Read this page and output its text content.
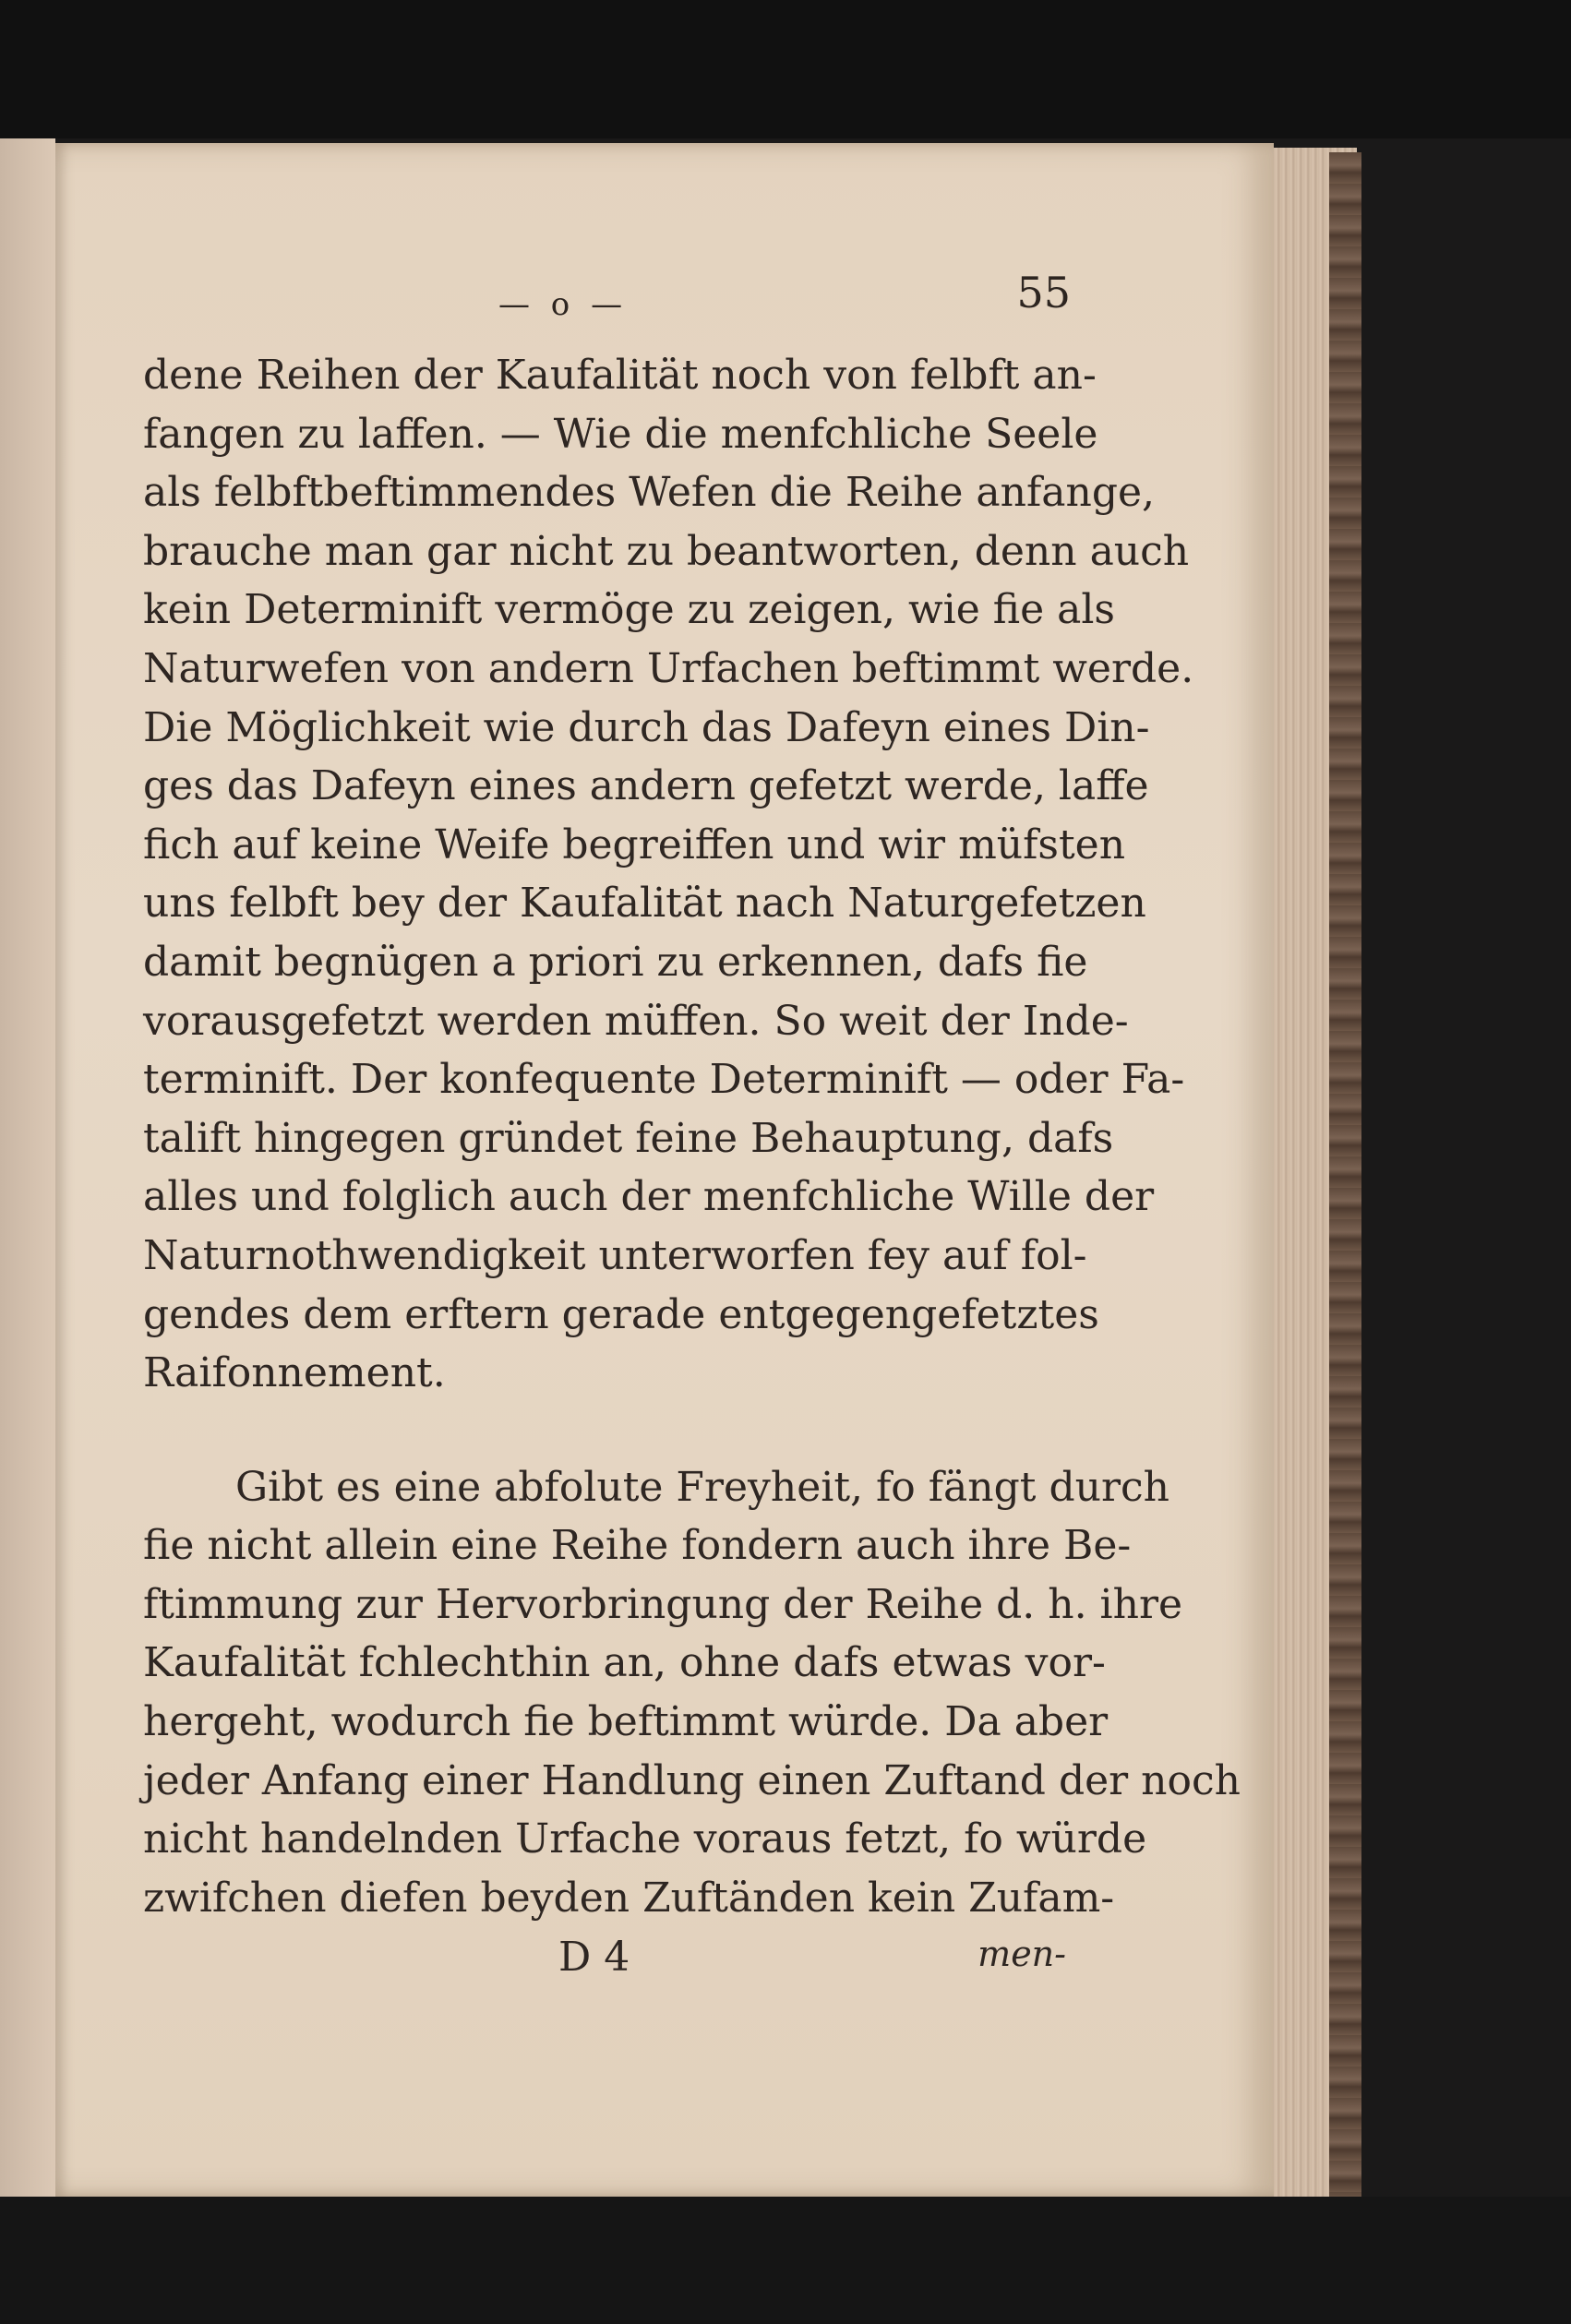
— o —	55

dene Reihen der Kaufalität noch von felbft an-
fangen zu laffen. — Wie die menfchliche Seele
als felbftbeftimmendes Wefen die Reihe anfange,
brauche man gar nicht zu beantworten, denn auch
kein Determinift vermöge zu zeigen, wie fie als
Naturwefen von andern Urfachen beftimmt werde.
Die Möglichkeit wie durch das Dafeyn eines Din-
ges das Dafeyn eines andern gefetzt werde, laffe
fich auf keine Weife begreiffen und wir müfsten
uns felbft bey der Kaufalität nach Naturgefetzen
damit begnügen a priori zu erkennen, dafs fie
vorausgefetzt werden müffen. So weit der Inde-
terminift. Der konfequente Determinift — oder Fa-
talift hingegen gründet feine Behauptung, dafs
alles und folglich auch der menfchliche Wille der
Naturnothwendigkeit unterworfen fey auf fol-
gendes dem erftern gerade entgegengefetztes
Raifonnement.

Gibt es eine abfolute Freyheit, fo fängt durch
fie nicht allein eine Reihe fondern auch ihre Be-
ftimmung zur Hervorbringung der Reihe d. h. ihre
Kaufalität fchlechthin an, ohne dafs etwas vor-
hergeht, wodurch fie beftimmt würde. Da aber
jeder Anfang einer Handlung einen Zuftand der noch
nicht handelnden Urfache voraus fetzt, fo würde
zwifchen diefen beyden Zuftänden kein Zufam-

D 4	men-
